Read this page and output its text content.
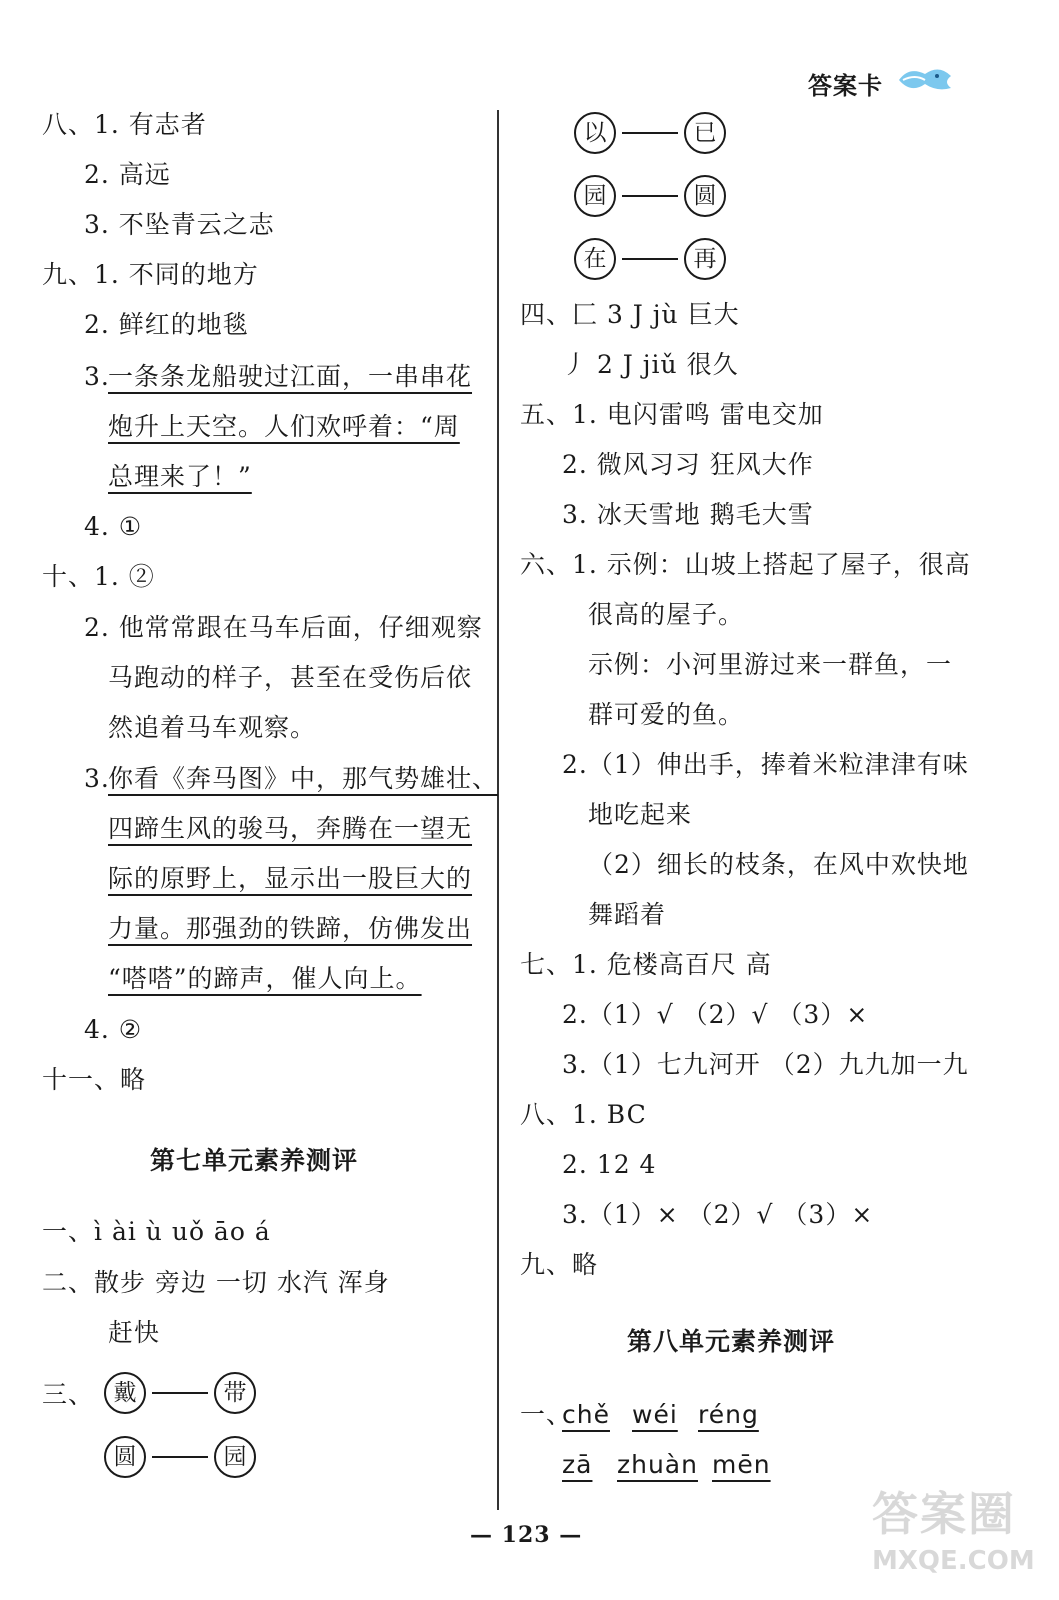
答案卡
八、1. 有志者
2. 高远
3. 不坠青云之志
九、1. 不同的地方
2. 鲜红的地毯
3.
一条条龙船驶过江面，一串串花
炮升上天空。人们欢呼着：“周
总理来了！”
4. ①
十、1. ②
2. 他常常跟在马车后面，仔细观察
马跑动的样子，甚至在受伤后依
然追着马车观察。
3.
你看《奔马图》中，那气势雄壮、
四蹄生风的骏马，奔腾在一望无
际的原野上，显示出一股巨大的
力量。那强劲的铁蹄，仿佛发出
“嗒嗒”的蹄声，催人向上。
4. ②
十一、略
第七单元素养测评
一、ì ài ù uǒ āo á
二、散步 旁边 一切 水汽 浑身
赶快
三、 戴	带
圆	园
以	已
园	圆
在	再
四、匚 3 J jù 巨大
丿 2 J jiǔ 很久
五、1. 电闪雷鸣 雷电交加
2. 微风习习 狂风大作
3. 冰天雪地 鹅毛大雪
六、1. 示例：山坡上搭起了屋子，很高
很高的屋子。
示例：小河里游过来一群鱼，一
群可爱的鱼。
2.（1）伸出手，捧着米粒津津有味
地吃起来
（2）细长的枝条，在风中欢快地
舞蹈着
七、1. 危楼高百尺 高
2.（1）√ （2）√ （3）×
3.（1）七九河开 （2）九九加一九
八、1. BC
2. 12 4
3.（1）× （2）√ （3）×
九、略
第八单元素养测评
一、
chě wéi réng
zā zhuàn mēn
— 123 —	答案圈
MXQE.COM
